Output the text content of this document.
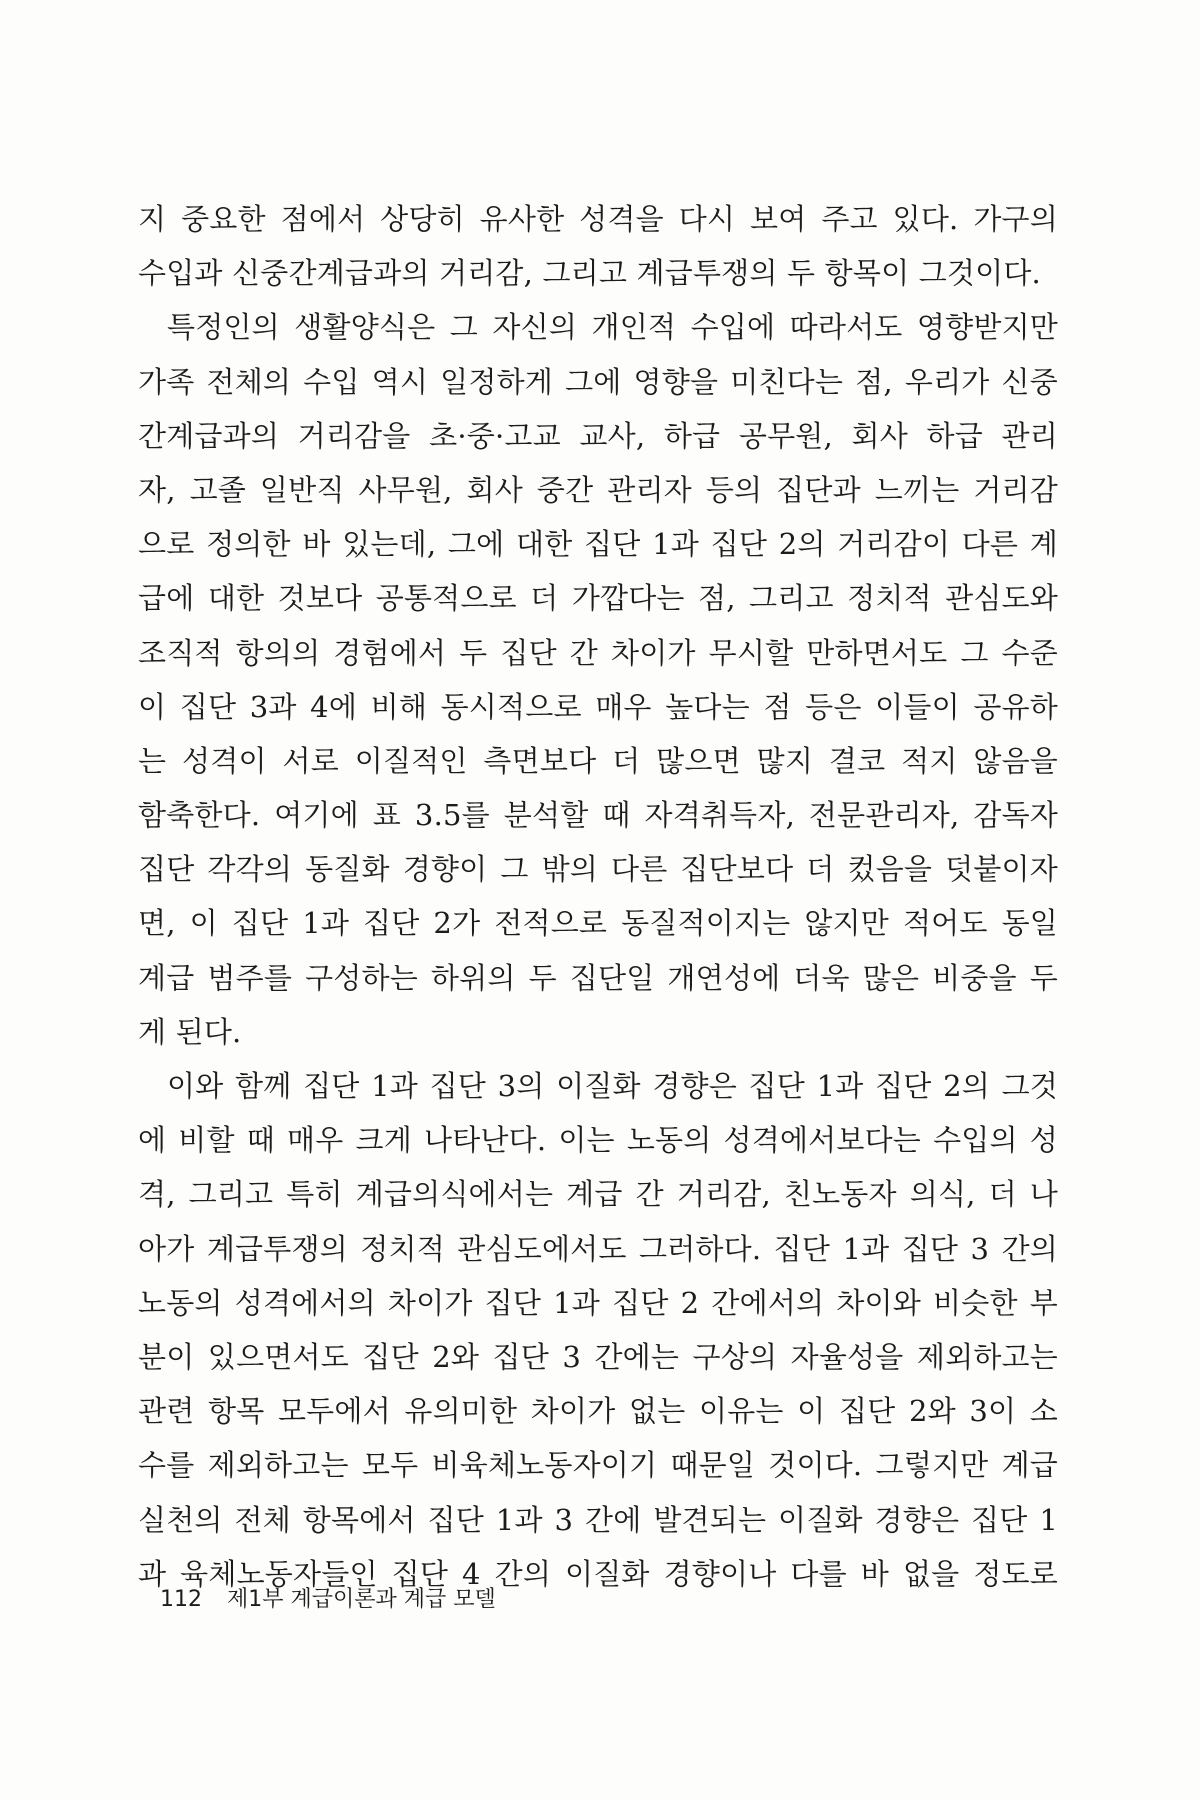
지 중요한 점에서 상당히 유사한 성격을 다시 보여 주고 있다. 가구의
수입과 신중간계급과의 거리감, 그리고 계급투쟁의 두 항목이 그것이다.
특정인의 생활양식은 그 자신의 개인적 수입에 따라서도 영향받지만
가족 전체의 수입 역시 일정하게 그에 영향을 미친다는 점, 우리가 신중
간계급과의 거리감을 초·중·고교 교사, 하급 공무원, 회사 하급 관리
자, 고졸 일반직 사무원, 회사 중간 관리자 등의 집단과 느끼는 거리감
으로 정의한 바 있는데, 그에 대한 집단 1과 집단 2의 거리감이 다른 계
급에 대한 것보다 공통적으로 더 가깝다는 점, 그리고 정치적 관심도와
조직적 항의의 경험에서 두 집단 간 차이가 무시할 만하면서도 그 수준
이 집단 3과 4에 비해 동시적으로 매우 높다는 점 등은 이들이 공유하
는 성격이 서로 이질적인 측면보다 더 많으면 많지 결코 적지 않음을
함축한다. 여기에 표 3.5를 분석할 때 자격취득자, 전문관리자, 감독자
집단 각각의 동질화 경향이 그 밖의 다른 집단보다 더 컸음을 덧붙이자
면, 이 집단 1과 집단 2가 전적으로 동질적이지는 않지만 적어도 동일
계급 범주를 구성하는 하위의 두 집단일 개연성에 더욱 많은 비중을 두
게 된다.
이와 함께 집단 1과 집단 3의 이질화 경향은 집단 1과 집단 2의 그것
에 비할 때 매우 크게 나타난다. 이는 노동의 성격에서보다는 수입의 성
격, 그리고 특히 계급의식에서는 계급 간 거리감, 친노동자 의식, 더 나
아가 계급투쟁의 정치적 관심도에서도 그러하다. 집단 1과 집단 3 간의
노동의 성격에서의 차이가 집단 1과 집단 2 간에서의 차이와 비슷한 부
분이 있으면서도 집단 2와 집단 3 간에는 구상의 자율성을 제외하고는
관련 항목 모두에서 유의미한 차이가 없는 이유는 이 집단 2와 3이 소
수를 제외하고는 모두 비육체노동자이기 때문일 것이다. 그렇지만 계급
실천의 전체 항목에서 집단 1과 3 간에 발견되는 이질화 경향은 집단 1
과 육체노동자들인 집단 4 간의 이질화 경향이나 다를 바 없을 정도로
112 제1부 계급이론과 계급 모델
